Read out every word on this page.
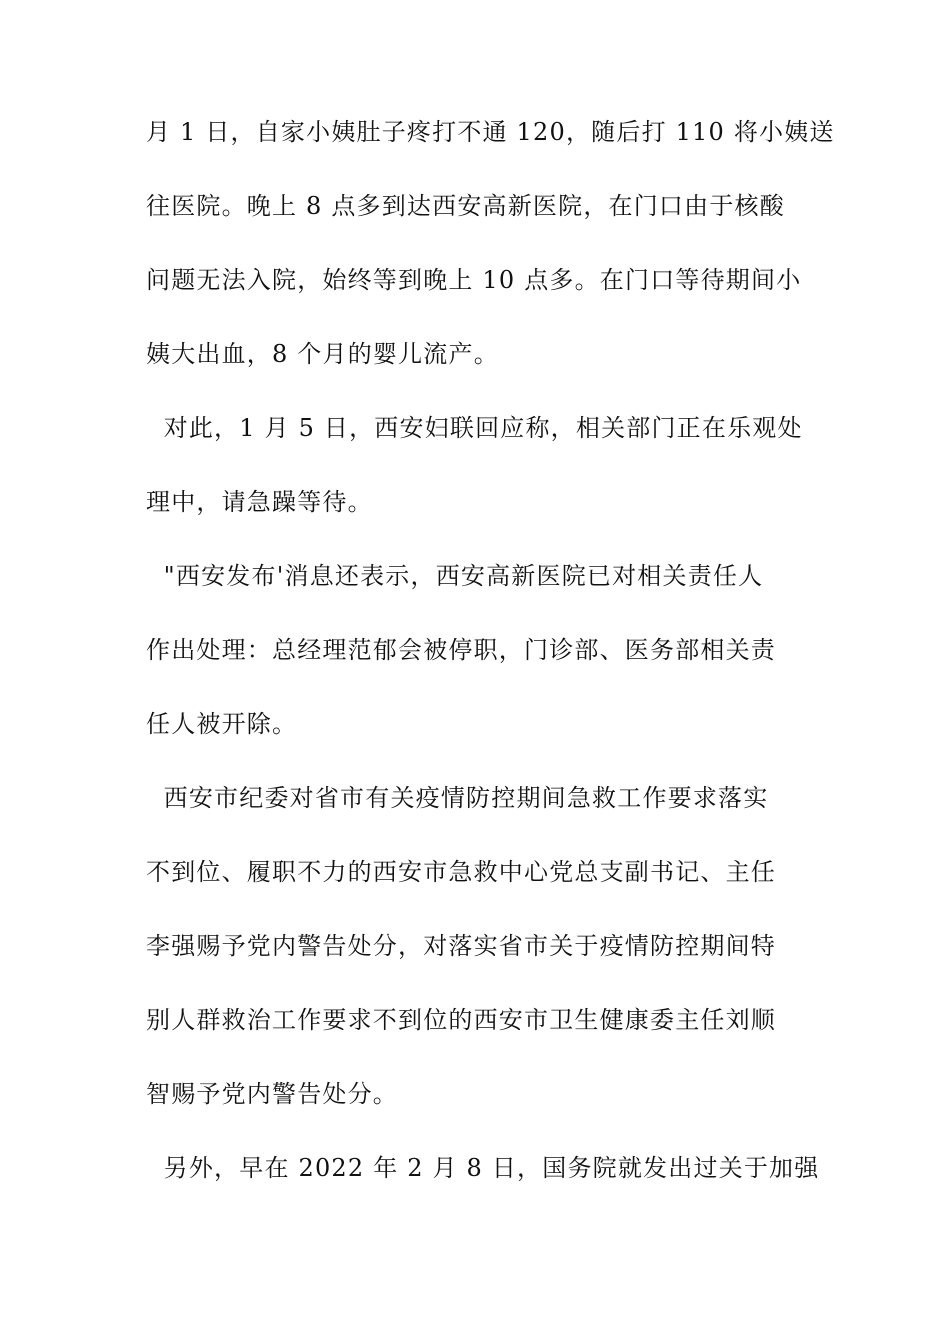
月 1 日，自家小姨肚子疼打不通 120，随后打 110 将小姨送
往医院。晚上 8 点多到达西安高新医院，在门口由于核酸
问题无法入院，始终等到晚上 10 点多。在门口等待期间小
姨大出血，8 个月的婴儿流产。
对此，1 月 5 日，西安妇联回应称，相关部门正在乐观处
理中，请急躁等待。
"西安发布'消息还表示，西安高新医院已对相关责任人
作出处理：总经理范郁会被停职，门诊部、医务部相关责
任人被开除。
西安市纪委对省市有关疫情防控期间急救工作要求落实
不到位、履职不力的西安市急救中心党总支副书记、主任
李强赐予党内警告处分，对落实省市关于疫情防控期间特
别人群救治工作要求不到位的西安市卫生健康委主任刘顺
智赐予党内警告处分。
另外，早在 2022 年 2 月 8 日，国务院就发出过关于加强
